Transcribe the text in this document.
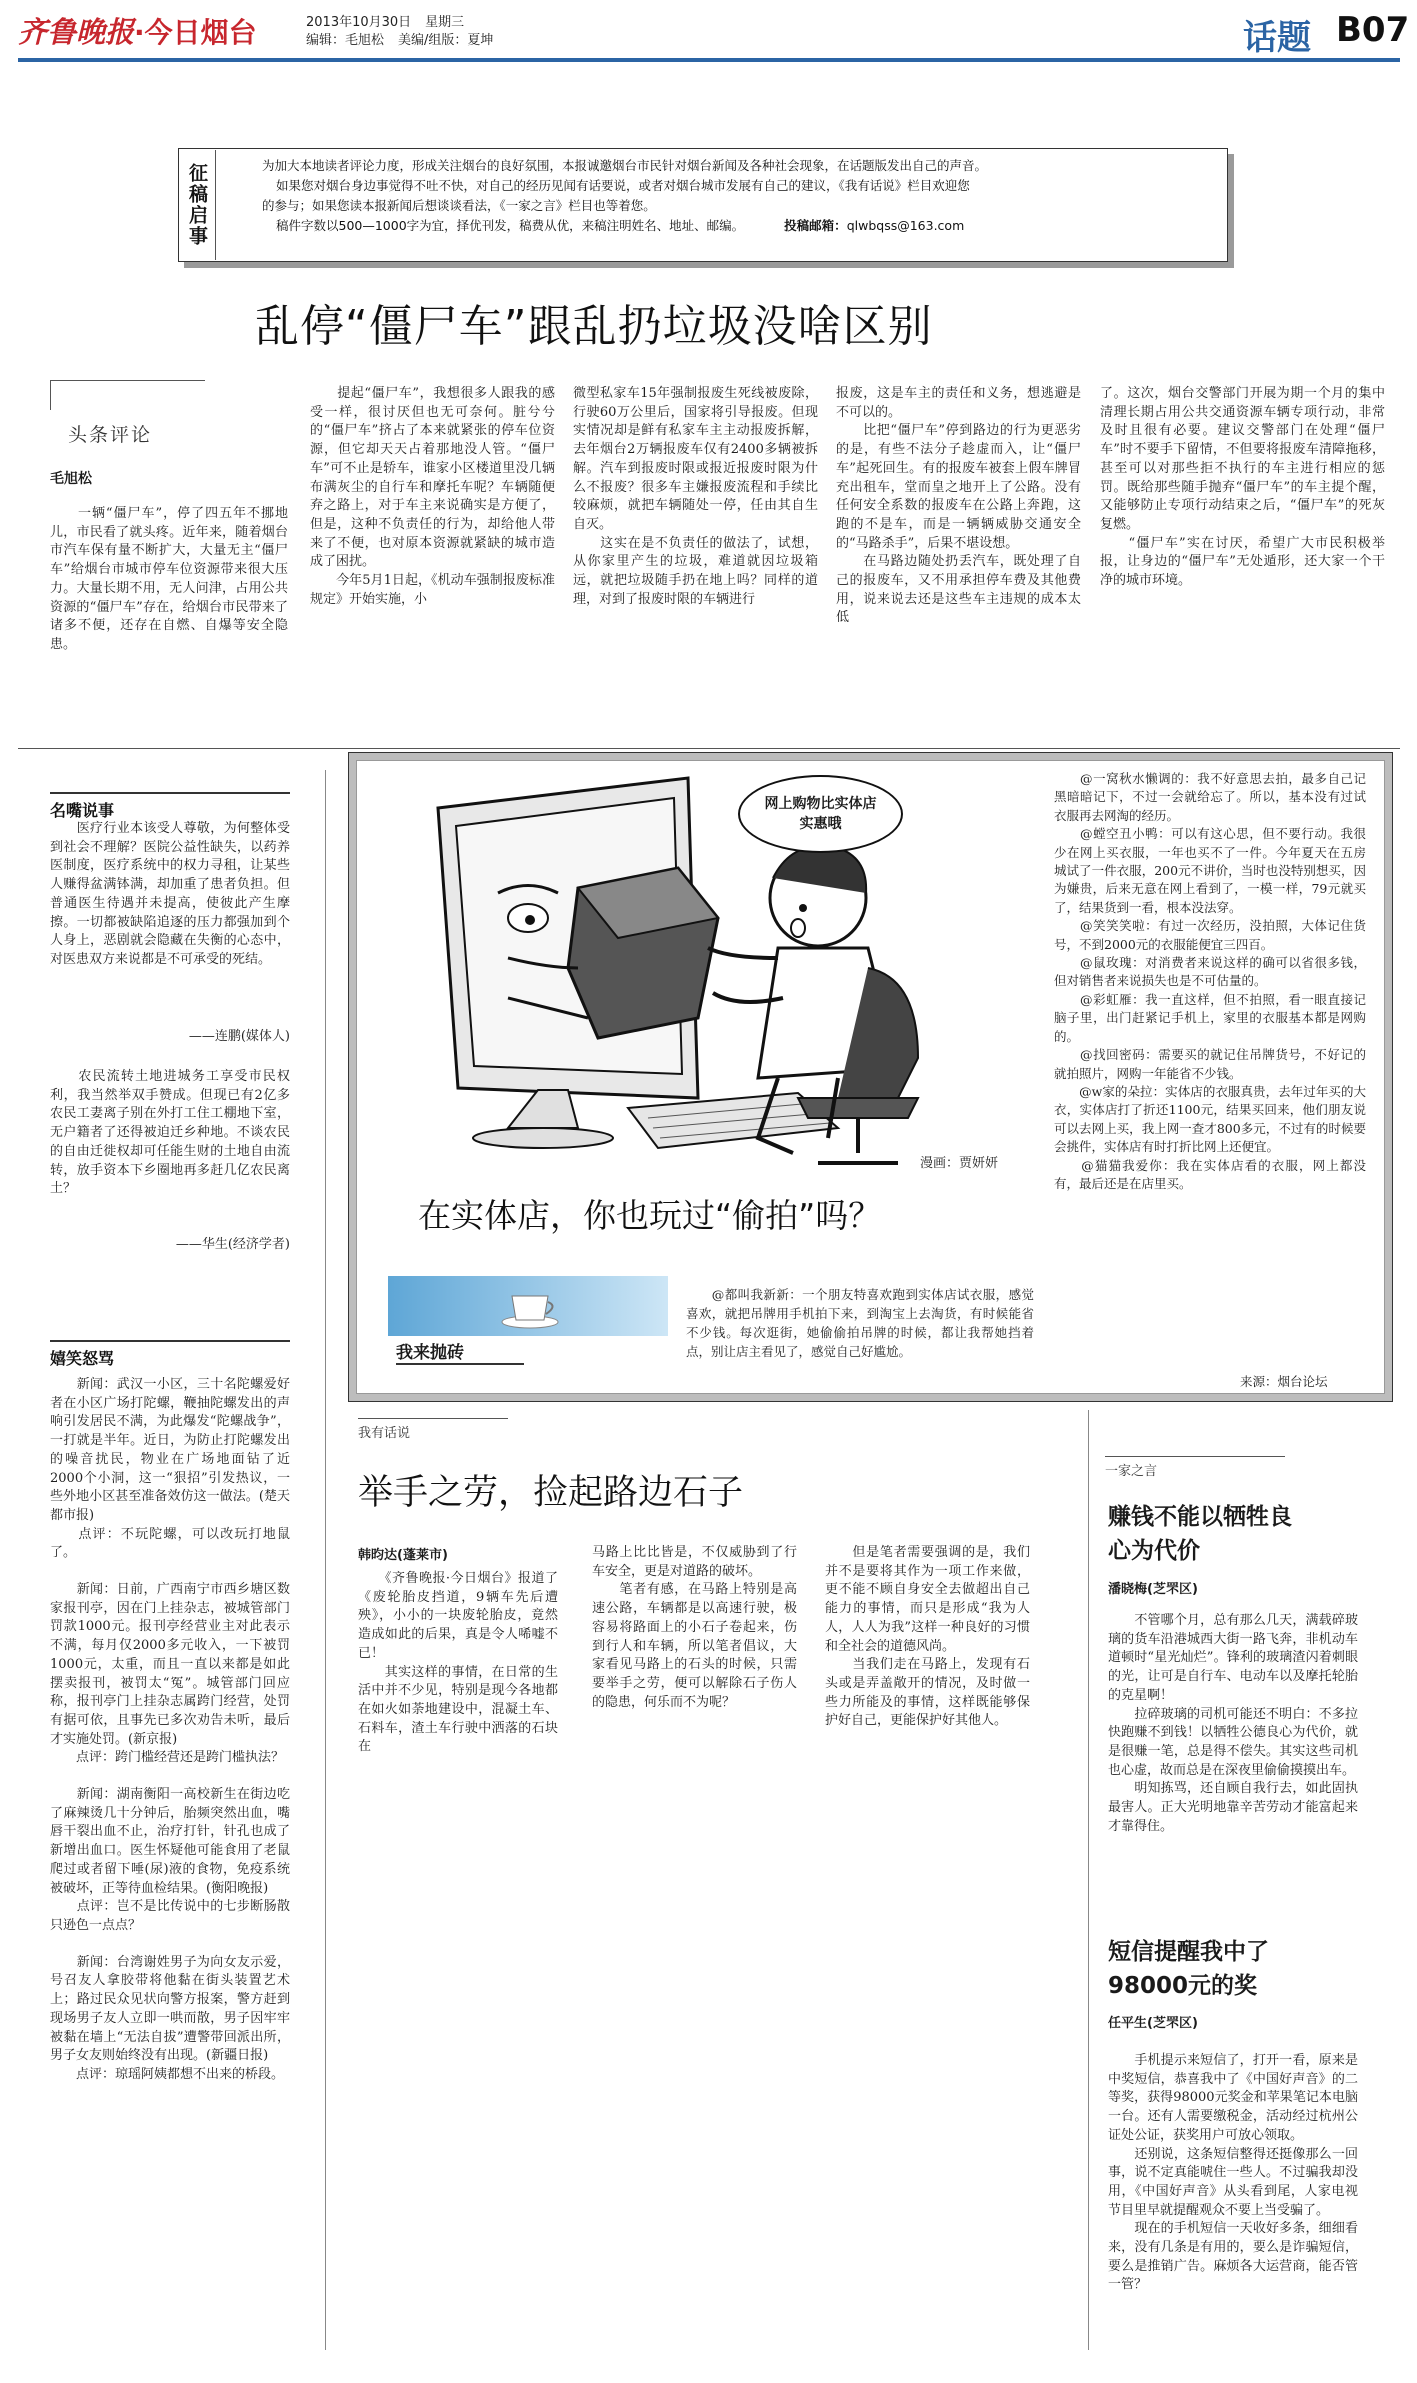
齐鲁晚报 ·今日烟台	2013年10月30日 星期三
编辑：毛旭松 美编/组版：夏坤	话题 B07
征稿启事	为加大本地读者评论力度，形成关注烟台的良好氛围，本报诚邀烟台市民针对烟台新闻及各种社会现象，在话题版发出自己的声音。
如果您对烟台身边事觉得不吐不快，对自己的经历见闻有话要说，或者对烟台城市发展有自己的建议，《我有话说》栏目欢迎您
的参与；如果您读本报新闻后想谈谈看法，《一家之言》栏目也等着您。
稿件字数以500—1000字为宜，择优刊发，稿费从优，来稿注明姓名、地址、邮编。	投稿邮箱：qlwbqss@163.com
乱停“僵尸车”跟乱扔垃圾没啥区别
头条评论
毛旭松
　　一辆“僵尸车”，停了四五年不挪地儿，市民看了就头疼。近年来，随着烟台市汽车保有量不断扩大，大量无主“僵尸车”给烟台市城市停车位资源带来很大压力。大量长期不用，无人问津，占用公共资源的“僵尸车”存在，给烟台市民带来了诸多不便，还存在自燃、自爆等安全隐患。
　　提起“僵尸车”，我想很多人跟我的感受一样，很讨厌但也无可奈何。脏兮兮的“僵尸车”挤占了本来就紧张的停车位资源，但它却天天占着那地没人管。“僵尸车”可不止是轿车，谁家小区楼道里没几辆布满灰尘的自行车和摩托车呢？车辆随便弃之路上，对于车主来说确实是方便了，但是，这种不负责任的行为，却给他人带来了不便，也对原本资源就紧缺的城市造成了困扰。
　　今年5月1日起，《机动车强制报废标准规定》开始实施，小
微型私家车15年强制报废生死线被废除，行驶60万公里后，国家将引导报废。但现实情况却是鲜有私家车主主动报废拆解，去年烟台2万辆报废车仅有2400多辆被拆解。汽车到报废时限或报近报废时限为什么不报废？很多车主嫌报废流程和手续比较麻烦，就把车辆随处一停，任由其自生自灭。
　　这实在是不负责任的做法了，试想，从你家里产生的垃圾，难道就因垃圾箱远，就把垃圾随手扔在地上吗？同样的道理，对到了报废时限的车辆进行
报废，这是车主的责任和义务，想逃避是不可以的。
　　比把“僵尸车”停到路边的行为更恶劣的是，有些不法分子趁虚而入，让“僵尸车”起死回生。有的报废车被套上假车牌冒充出租车，堂而皇之地开上了公路。没有任何安全系数的报废车在公路上奔跑，这跑的不是车，而是一辆辆威胁交通安全的“马路杀手”，后果不堪设想。
　　在马路边随处扔丢汽车，既处理了自己的报废车，又不用承担停车费及其他费用，说来说去还是这些车主违规的成本太低
了。这次，烟台交警部门开展为期一个月的集中清理长期占用公共交通资源车辆专项行动，非常及时且很有必要。建议交警部门在处理“僵尸车”时不要手下留情，不但要将报废车清障拖移，甚至可以对那些拒不执行的车主进行相应的惩罚。既给那些随手抛弃“僵尸车”的车主提个醒，又能够防止专项行动结束之后，“僵尸车”的死灰复燃。
　　“僵尸车”实在讨厌，希望广大市民积极举报，让身边的“僵尸车”无处遁形，还大家一个干净的城市环境。
名嘴说事
　　医疗行业本该受人尊敬，为何整体受到社会不理解？医院公益性缺失，以药养医制度，医疗系统中的权力寻租，让某些人赚得盆满钵满，却加重了患者负担。但普通医生待遇并未提高，使彼此产生摩擦。一切都被缺陷追逐的压力都强加到个人身上，恶剧就会隐藏在失衡的心态中，对医患双方来说都是不可承受的死结。
——连鹏(媒体人)
　　农民流转土地进城务工享受市民权利，我当然举双手赞成。但现已有2亿多农民工妻离子别在外打工住工棚地下室，无户籍者了还得被迫迁乡种地。不谈农民的自由迁徙权却可任能生财的土地自由流转，放手资本下乡圈地再多赶几亿农民离土？
——华生(经济学者)
嬉笑怒骂
　　新闻：武汉一小区，三十名陀螺爱好者在小区广场打陀螺，鞭抽陀螺发出的声响引发居民不满，为此爆发“陀螺战争”，一打就是半年。近日，为防止打陀螺发出的噪音扰民，物业在广场地面钻了近2000个小洞，这一“狠招”引发热议，一些外地小区甚至准备效仿这一做法。(楚天都市报)
　　点评：不玩陀螺，可以改玩打地鼠了。
　　新闻：日前，广西南宁市西乡塘区数家报刊亭，因在门上挂杂志，被城管部门罚款1000元。报刊亭经营业主对此表示不满，每月仅2000多元收入，一下被罚1000元，太重，而且一直以来都是如此摆卖报刊，被罚太“冤”。城管部门回应称，报刊亭门上挂杂志属跨门经营，处罚有据可依，且事先已多次劝告未听，最后才实施处罚。(新京报)
　　点评：跨门槛经营还是跨门槛执法？
　　新闻：湖南衡阳一高校新生在街边吃了麻辣烫几十分钟后，胎频突然出血，嘴唇干裂出血不止，治疗打针，针孔也成了新增出血口。医生怀疑他可能食用了老鼠爬过或者留下唾(尿)液的食物，免疫系统被破坏，正等待血检结果。(衡阳晚报)
　　点评：岂不是比传说中的七步断肠散只逊色一点点？
　　新闻：台湾谢姓男子为向女友示爱，号召友人拿胶带将他黏在街头装置艺术上；路过民众见状向警方报案，警方赶到现场男子友人立即一哄而散，男子因牢牢被黏在墙上“无法自拔”遭警带回派出所，男子女友则始终没有出现。(新疆日报)
　　点评：琼瑶阿姨都想不出来的桥段。
网上购物比实体店实惠哦
漫画：贾妍妍
在实体店，你也玩过“偷拍”吗？
我来抛砖
　　@都叫我新新：一个朋友特喜欢跑到实体店试衣服，感觉喜欢，就把吊牌用手机拍下来，到淘宝上去淘货，有时候能省不少钱。每次逛街，她偷偷拍吊牌的时候，都让我帮她挡着点，别让店主看见了，感觉自己好尴尬。
　　@一窝秋水懒调的：我不好意思去拍，最多自己记黑暗暗记下，不过一会就给忘了。所以，基本没有过试衣服再去网淘的经历。
　　@螳空丑小鸭：可以有这心思，但不要行动。我很少在网上买衣服，一年也买不了一件。今年夏天在五房城试了一件衣服，200元不讲价，当时也没特别想买，因为嫌贵，后来无意在网上看到了，一模一样，79元就买了，结果货到一看，根本没法穿。
　　@笑笑笑啦：有过一次经历，没拍照，大体记住货号，不到2000元的衣服能便宜三四百。
　　@鼠玫瑰：对消费者来说这样的确可以省很多钱，但对销售者来说损失也是不可估量的。
　　@彩虹雁：我一直这样，但不拍照，看一眼直接记脑子里，出门赶紧记手机上，家里的衣服基本都是网购的。
　　@找回密码：需要买的就记住吊牌货号，不好记的就拍照片，网购一年能省不少钱。
　　@w家的朵拉：实体店的衣服真贵，去年过年买的大衣，实体店打了折还1100元，结果买回来，他们朋友说可以去网上买，我上网一查才800多元，不过有的时候要会挑件，实体店有时打折比网上还便宜。
　　@猫猫我爱你：我在实体店看的衣服，网上都没有，最后还是在店里买。
来源：烟台论坛
我有话说
举手之劳，捡起路边石子
韩昀达(蓬莱市)
　　《齐鲁晚报·今日烟台》报道了《废轮胎皮挡道，9辆车先后遭殃》，小小的一块废轮胎皮，竟然造成如此的后果，真是令人唏嘘不已！
　　其实这样的事情，在日常的生活中并不少见，特别是现今各地都在如火如荼地建设中，混凝土车、石料车，渣土车行驶中洒落的石块在
马路上比比皆是，不仅威胁到了行车安全，更是对道路的破坏。
　　笔者有感，在马路上特别是高速公路，车辆都是以高速行驶，极容易将路面上的小石子卷起来，伤到行人和车辆，所以笔者倡议，大家看见马路上的石头的时候，只需要举手之劳，便可以解除石子伤人的隐患，何乐而不为呢？
　　但是笔者需要强调的是，我们并不是要将其作为一项工作来做，更不能不顾自身安全去做超出自己能力的事情，而只是形成“我为人人，人人为我”这样一种良好的习惯和全社会的道德风尚。
　　当我们走在马路上，发现有石头或是弄盖敞开的情况，及时做一些力所能及的事情，这样既能够保护好自己，更能保护好其他人。
一家之言
赚钱不能以牺牲良心为代价
潘晓梅(芝罘区)
　　不管哪个月，总有那么几天，满载碎玻璃的货车沿港城西大街一路飞奔，非机动车道顿时“星光灿烂”。锋利的玻璃渣闪着刺眼的光，让可是自行车、电动车以及摩托轮胎的克星啊！
　　拉碎玻璃的司机可能还不明白：不多拉快跑赚不到钱！以牺牲公德良心为代价，就是很赚一笔，总是得不偿失。其实这些司机也心虚，故而总是在深夜里偷偷摸摸出车。
　　明知拣骂，还自顾自我行去，如此固执最害人。正大光明地靠辛苦劳动才能富起来才靠得住。
短信提醒我中了98000元的奖
任平生(芝罘区)
　　手机提示来短信了，打开一看，原来是中奖短信，恭喜我中了《中国好声音》的二等奖，获得98000元奖金和苹果笔记本电脑一台。还有人需要缴税金，活动经过杭州公证处公证，获奖用户可放心领取。
　　还别说，这条短信整得还挺像那么一回事，说不定真能唬住一些人。不过骗我却没用，《中国好声音》从头看到尾，人家电视节目里早就提醒观众不要上当受骗了。
　　现在的手机短信一天收好多条，细细看来，没有几条是有用的，要么是诈骗短信，要么是推销广告。麻烦各大运营商，能否管一管？
